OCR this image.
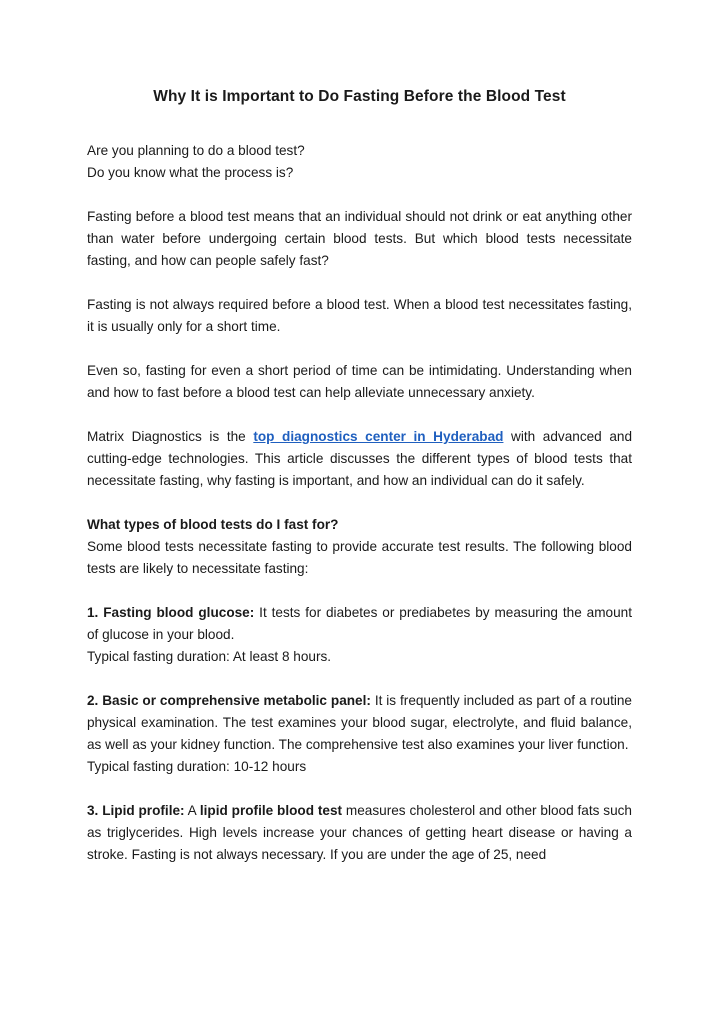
Why It is Important to Do Fasting Before the Blood Test

Are you planning to do a blood test?
Do you know what the process is?

Fasting before a blood test means that an individual should not drink or eat anything other than water before undergoing certain blood tests. But which blood tests necessitate fasting, and how can people safely fast?

Fasting is not always required before a blood test. When a blood test necessitates fasting, it is usually only for a short time.

Even so, fasting for even a short period of time can be intimidating. Understanding when and how to fast before a blood test can help alleviate unnecessary anxiety.

Matrix Diagnostics is the top diagnostics center in Hyderabad with advanced and cutting-edge technologies. This article discusses the different types of blood tests that necessitate fasting, why fasting is important, and how an individual can do it safely.

What types of blood tests do I fast for?
Some blood tests necessitate fasting to provide accurate test results. The following blood tests are likely to necessitate fasting:

1. Fasting blood glucose: It tests for diabetes or prediabetes by measuring the amount of glucose in your blood.
Typical fasting duration: At least 8 hours.

2. Basic or comprehensive metabolic panel: It is frequently included as part of a routine physical examination. The test examines your blood sugar, electrolyte, and fluid balance, as well as your kidney function. The comprehensive test also examines your liver function.
Typical fasting duration: 10-12 hours

3. Lipid profile: A lipid profile blood test measures cholesterol and other blood fats such as triglycerides. High levels increase your chances of getting heart disease or having a stroke. Fasting is not always necessary. If you are under the age of 25, need
